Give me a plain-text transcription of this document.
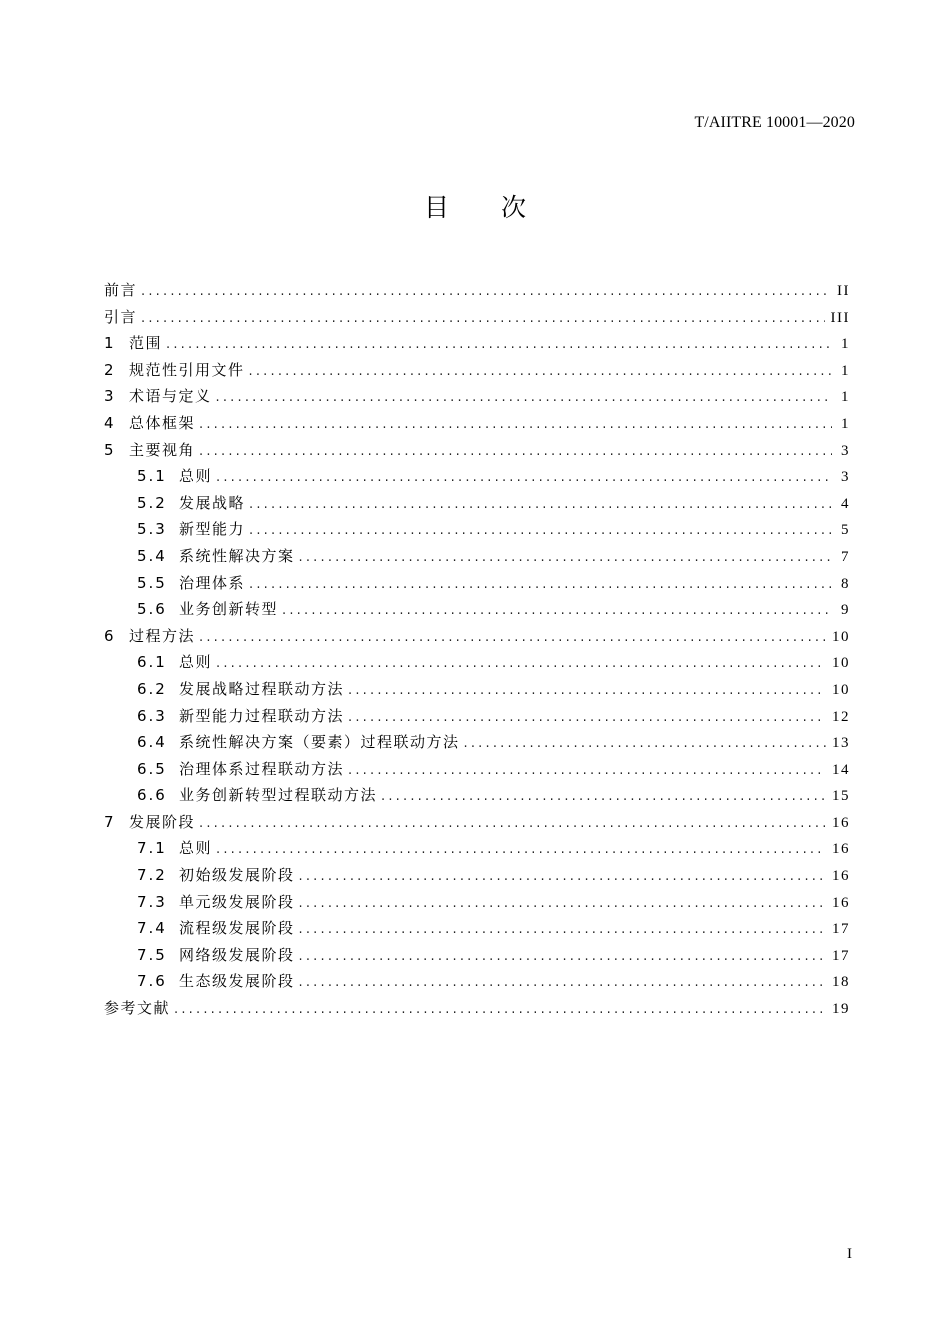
T/AIITRE 10001—2020
目 次
前言 .....	II
引言 .....	III
1 范围 .....	1
2 规范性引用文件 .....	1
3 术语与定义 .....	1
4 总体框架 .....	1
5 主要视角 .....	3
5.1 总则 .....	3
5.2 发展战略 .....	4
5.3 新型能力 .....	5
5.4 系统性解决方案 .....	7
5.5 治理体系 .....	8
5.6 业务创新转型 .....	9
6 过程方法 .....	10
6.1 总则 .....	10
6.2 发展战略过程联动方法 .....	10
6.3 新型能力过程联动方法 .....	12
6.4 系统性解决方案（要素）过程联动方法 .....	13
6.5 治理体系过程联动方法 .....	14
6.6 业务创新转型过程联动方法 .....	15
7 发展阶段 .....	16
7.1 总则 .....	16
7.2 初始级发展阶段 .....	16
7.3 单元级发展阶段 .....	16
7.4 流程级发展阶段 .....	17
7.5 网络级发展阶段 .....	17
7.6 生态级发展阶段 .....	18
参考文献 .....	19
I
